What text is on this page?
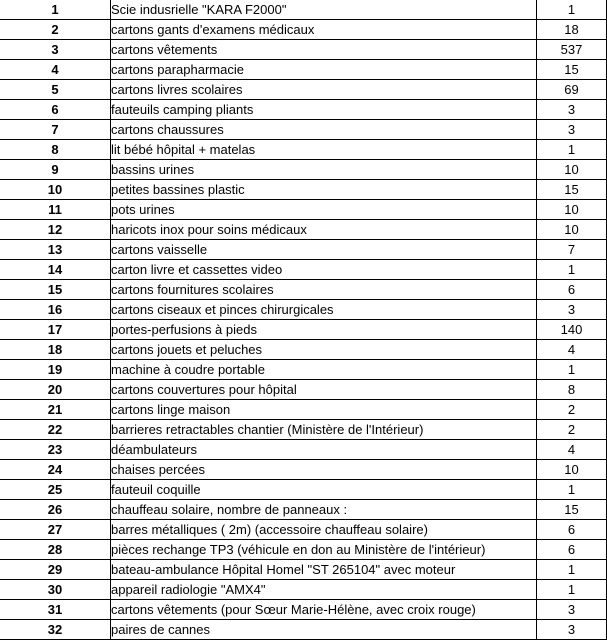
1	Scie indusrielle "KARA F2000"	1
2	cartons gants d'examens médicaux	18
3	cartons vêtements	537
4	cartons parapharmacie	15
5	cartons livres scolaires	69
6	fauteuils camping pliants	3
7	cartons chaussures	3
8	lit bébé hôpital + matelas	1
9	bassins urines	10
10	petites bassines plastic	15
11	pots urines	10
12	haricots inox pour soins médicaux	10
13	cartons vaisselle	7
14	carton livre et cassettes video	1
15	cartons fournitures scolaires	6
16	cartons ciseaux et pinces chirurgicales	3
17	portes-perfusions à pieds	140
18	cartons jouets et peluches	4
19	machine à coudre portable	1
20	cartons couvertures pour hôpital	8
21	cartons linge maison	2
22	barrieres retractables chantier (Ministère de l'Intérieur)	2
23	déambulateurs	4
24	chaises percées	10
25	fauteuil coquille	1
26	chauffeau solaire, nombre de panneaux :	15
27	barres métalliques ( 2m) (accessoire chauffeau solaire)	6
28	pièces rechange TP3 (véhicule en don au Ministère de l'intérieur)	6
29	bateau-ambulance Hôpital Homel "ST 265104" avec moteur	1
30	appareil radiologie "AMX4"	1
31	cartons vêtements (pour Sœur Marie-Hélène, avec croix rouge)	3
32	paires de cannes	3
